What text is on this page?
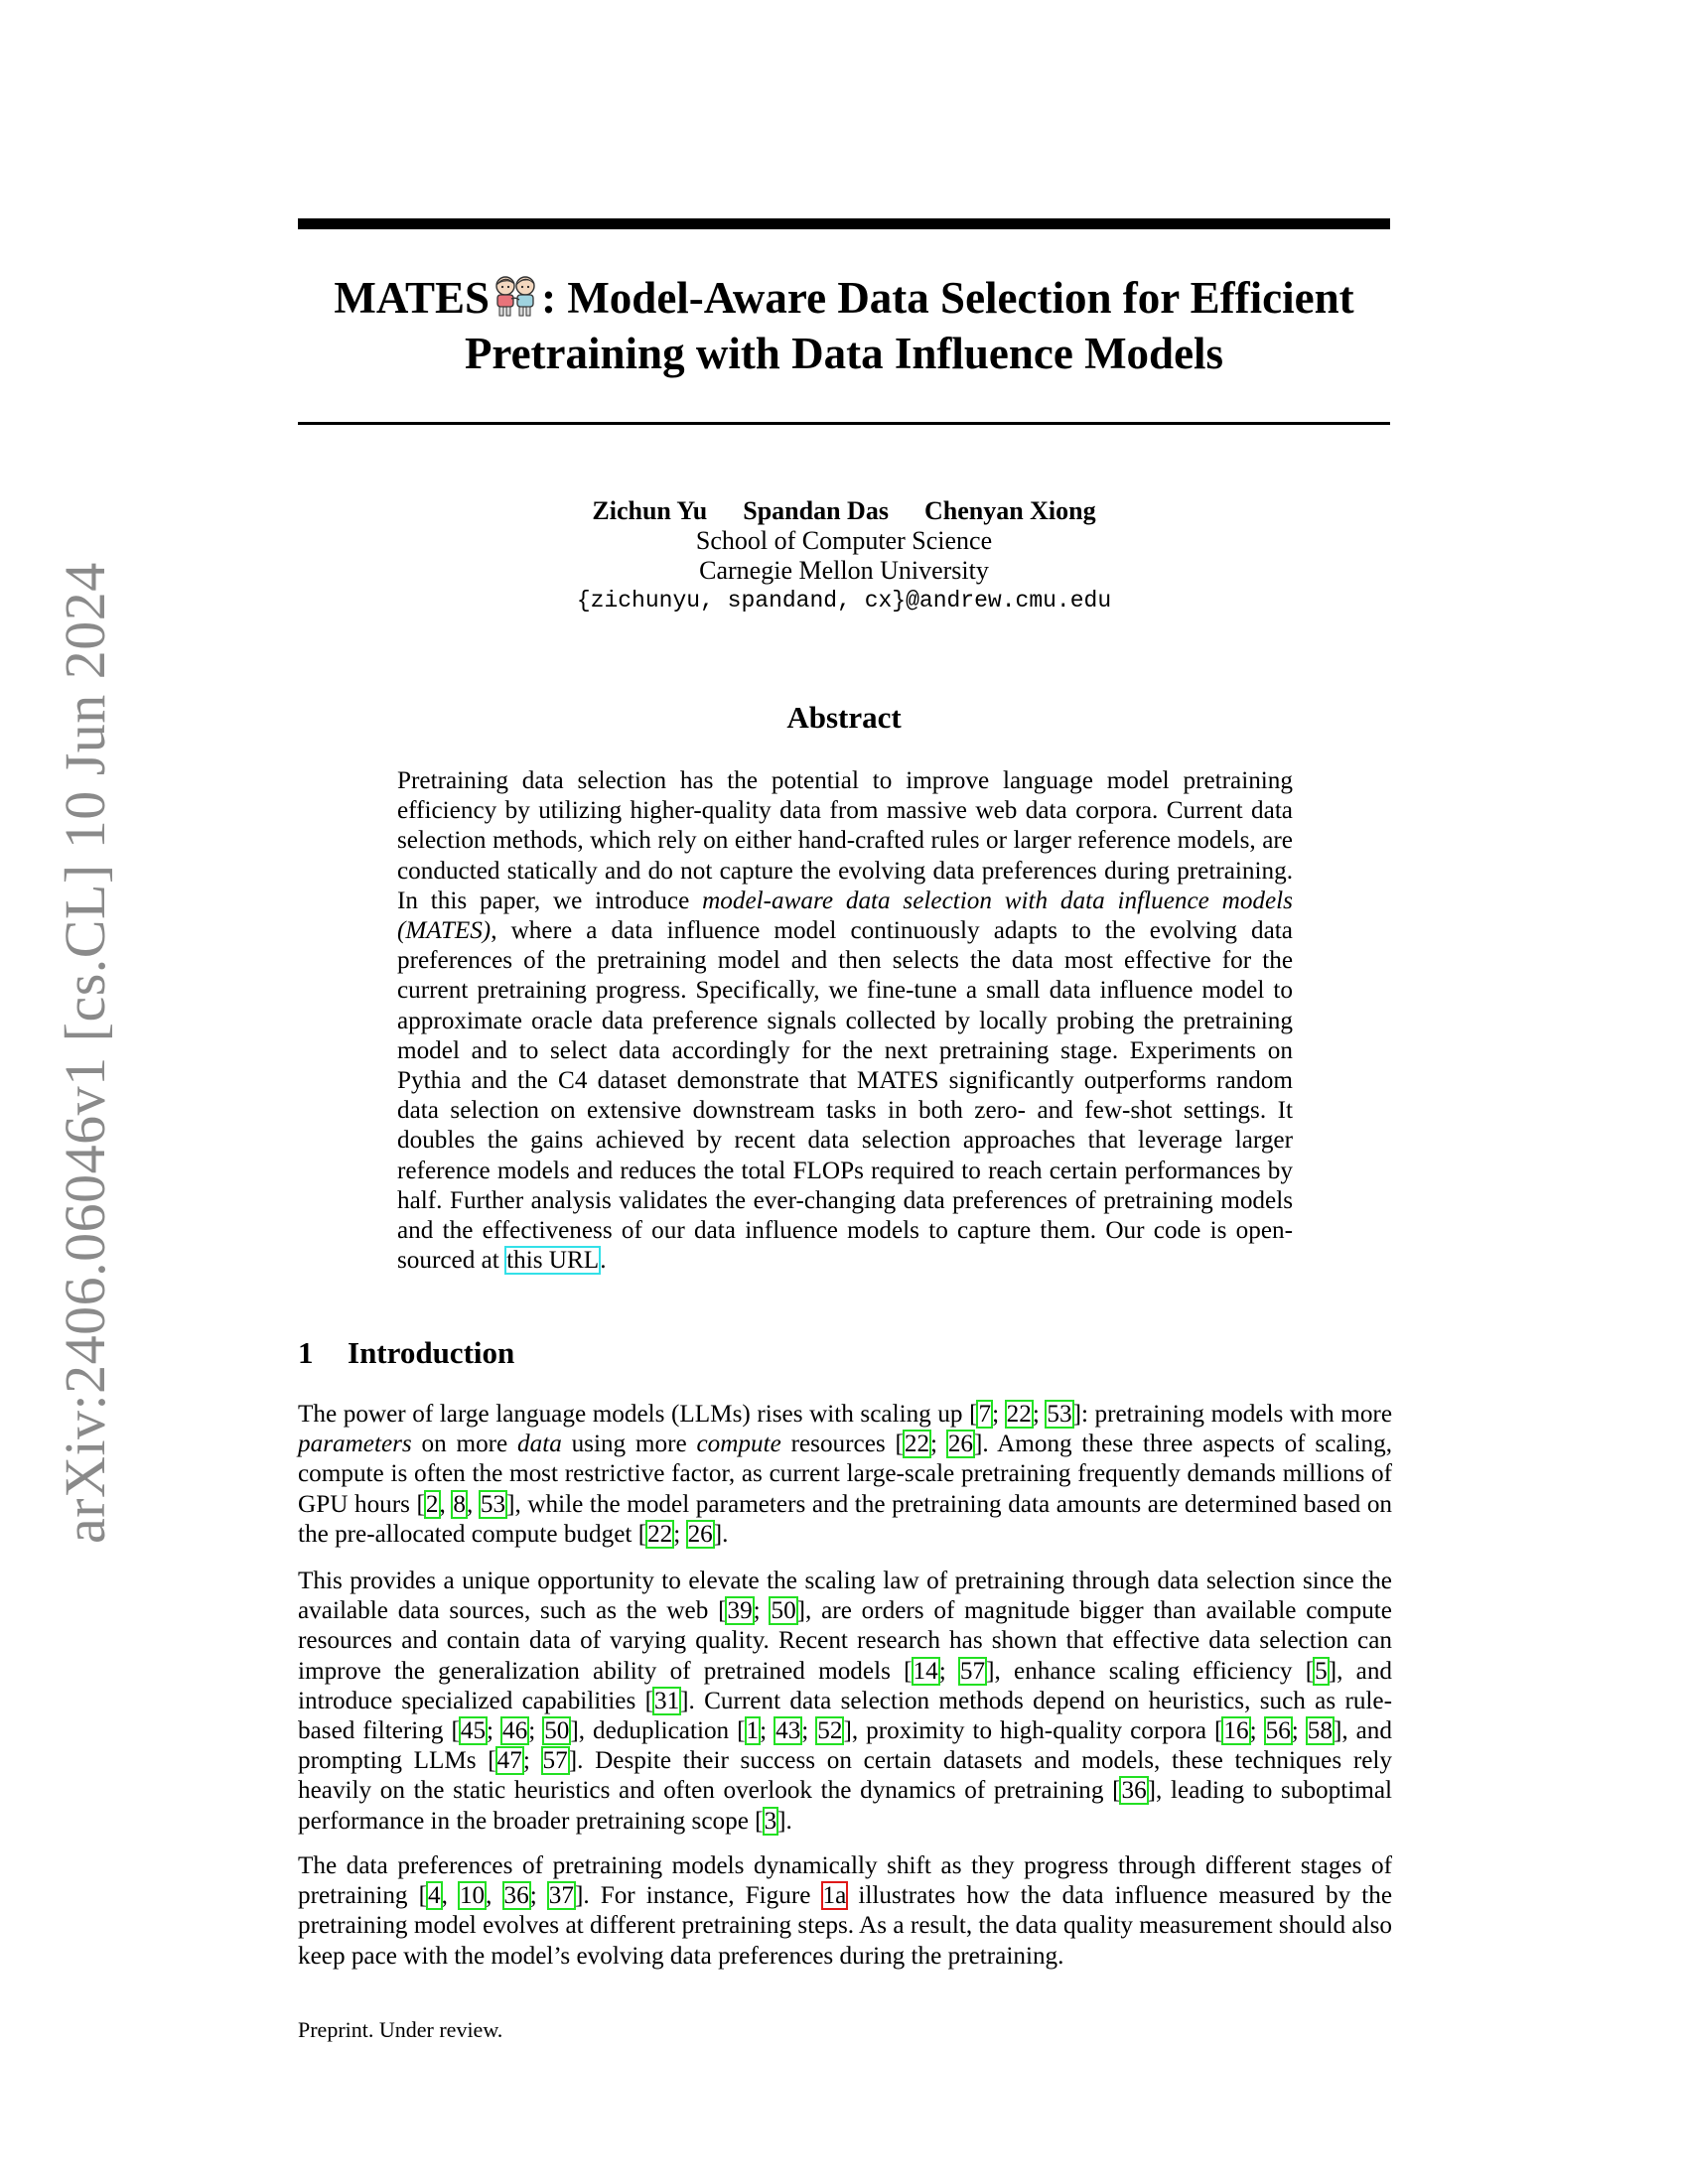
arXiv:2406.06046v1 [cs.CL] 10 Jun 2024
MATES : Model-Aware Data Selection for Efficient
Pretraining with Data Influence Models
Zichun Yu Spandan Das Chenyan Xiong
School of Computer Science
Carnegie Mellon University
{zichunyu, spandand, cx}@andrew.cmu.edu
Abstract
Pretraining data selection has the potential to improve language model pretraining efficiency by utilizing higher-quality data from massive web data corpora. Current data selection methods, which rely on either hand-crafted rules or larger reference models, are conducted statically and do not capture the evolving data preferences during pretraining. In this paper, we introduce model-aware data selection with data influence models (MATES), where a data influence model continuously adapts to the evolving data preferences of the pretraining model and then selects the data most effective for the current pretraining progress. Specifically, we fine-tune a small data influence model to approximate oracle data preference signals collected by locally probing the pretraining model and to select data accordingly for the next pretraining stage. Experiments on Pythia and the C4 dataset demonstrate that MATES significantly outperforms random data selection on extensive downstream tasks in both zero- and few-shot settings. It doubles the gains achieved by recent data selection approaches that leverage larger reference models and reduces the total FLOPs required to reach certain performances by half. Further analysis validates the ever-changing data preferences of pretraining models and the effectiveness of our data influence models to capture them. Our code is open-sourced at this URL.
1 Introduction
The power of large language models (LLMs) rises with scaling up [7; 22; 53]: pretraining models with more parameters on more data using more compute resources [22; 26]. Among these three aspects of scaling, compute is often the most restrictive factor, as current large-scale pretraining frequently demands millions of GPU hours [2, 8, 53], while the model parameters and the pretraining data amounts are determined based on the pre-allocated compute budget [22; 26].
This provides a unique opportunity to elevate the scaling law of pretraining through data selection since the available data sources, such as the web [39; 50], are orders of magnitude bigger than available compute resources and contain data of varying quality. Recent research has shown that effective data selection can improve the generalization ability of pretrained models [14; 57], enhance scaling efficiency [5], and introduce specialized capabilities [31]. Current data selection methods depend on heuristics, such as rule-based filtering [45; 46; 50], deduplication [1; 43; 52], proximity to high-quality corpora [16; 56; 58], and prompting LLMs [47; 57]. Despite their success on certain datasets and models, these techniques rely heavily on the static heuristics and often overlook the dynamics of pretraining [36], leading to suboptimal performance in the broader pretraining scope [3].
The data preferences of pretraining models dynamically shift as they progress through different stages of pretraining [4, 10, 36; 37]. For instance, Figure 1a illustrates how the data influence measured by the pretraining model evolves at different pretraining steps. As a result, the data quality measurement should also keep pace with the model’s evolving data preferences during the pretraining.
Preprint. Under review.
